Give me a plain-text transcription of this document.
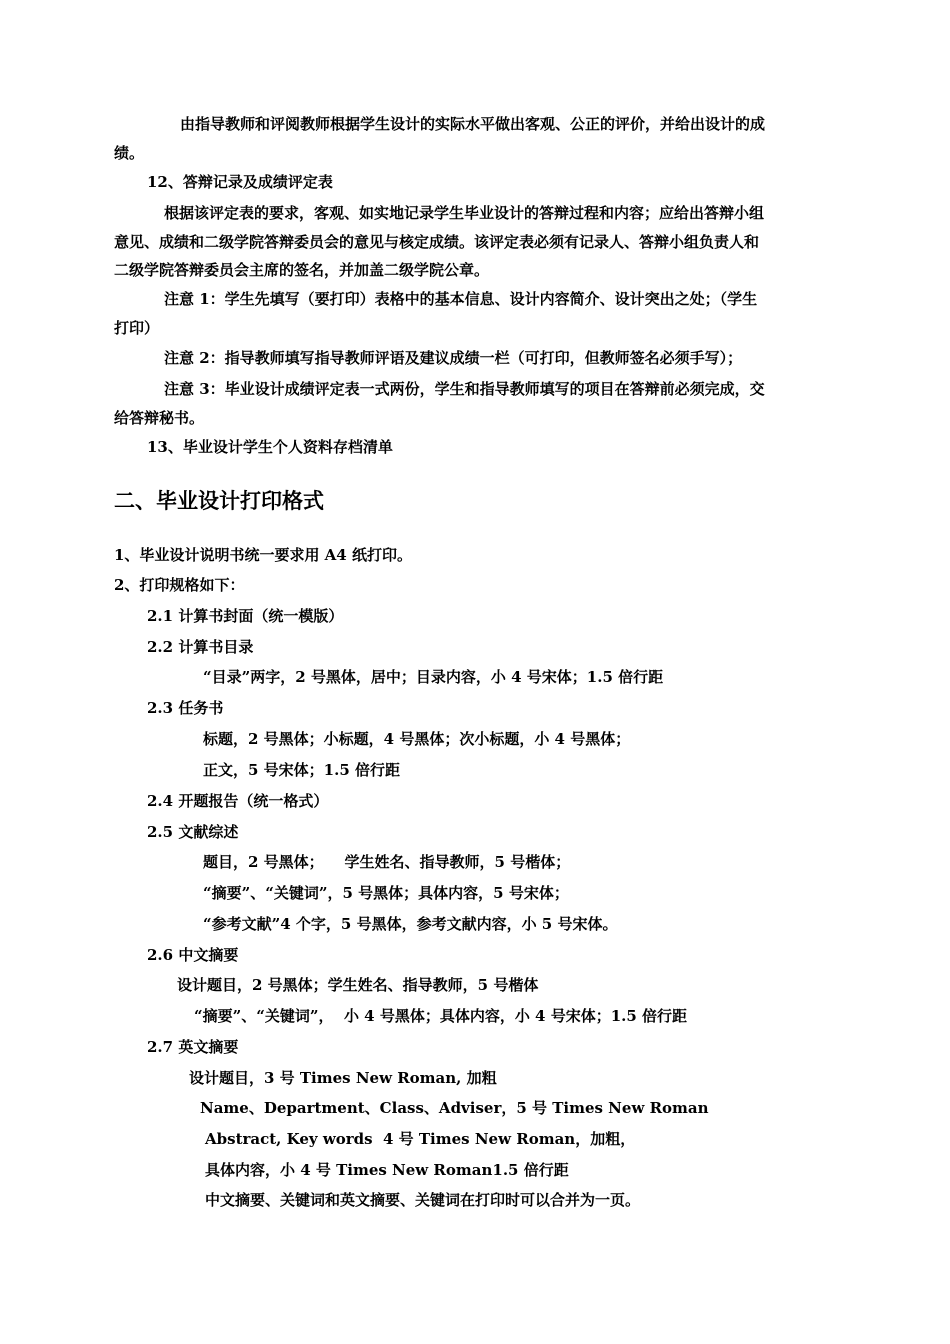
由指导教师和评阅教师根据学生设计的实际水平做出客观、公正的评价，并给出设计的成
绩。
12、答辩记录及成绩评定表
根据该评定表的要求，客观、如实地记录学生毕业设计的答辩过程和内容；应给出答辩小组
意见、成绩和二级学院答辩委员会的意见与核定成绩。该评定表必须有记录人、答辩小组负责人和
二级学院答辩委员会主席的签名，并加盖二级学院公章。
注意 1：学生先填写（要打印）表格中的基本信息、设计内容简介、设计突出之处；（学生
打印）
注意 2：指导教师填写指导教师评语及建议成绩一栏（可打印，但教师签名必须手写）；
注意 3：毕业设计成绩评定表一式两份，学生和指导教师填写的项目在答辩前必须完成，交
给答辩秘书。
13、毕业设计学生个人资料存档清单
二、毕业设计打印格式
1、毕业设计说明书统一要求用 A4 纸打印。
2、打印规格如下：
2.1 计算书封面（统一模版）
2.2 计算书目录
“目录”两字，2 号黑体，居中；目录内容，小 4 号宋体；1.5 倍行距
2.3 任务书
标题，2 号黑体；小标题，4 号黑体；次小标题，小 4 号黑体；
正文，5 号宋体；1.5 倍行距
2.4 开题报告（统一格式）
2.5 文献综述
题目，2 号黑体；    学生姓名、指导教师，5 号楷体；
“摘要”、“关键词”，5 号黑体；具体内容，5 号宋体；
“参考文献”4 个字，5 号黑体，参考文献内容，小 5 号宋体。
2.6 中文摘要
设计题目，2 号黑体；学生姓名、指导教师，5 号楷体
“摘要”、“关键词”，  小 4 号黑体；具体内容，小 4 号宋体；1.5 倍行距
2.7 英文摘要
设计题目，3 号 Times New Roman, 加粗
Name、Department、Class、Adviser，5 号 Times New Roman
Abstract, Key words  4 号 Times New Roman，加粗，
具体内容，小 4 号 Times New Roman1.5 倍行距
中文摘要、关键词和英文摘要、关键词在打印时可以合并为一页。
